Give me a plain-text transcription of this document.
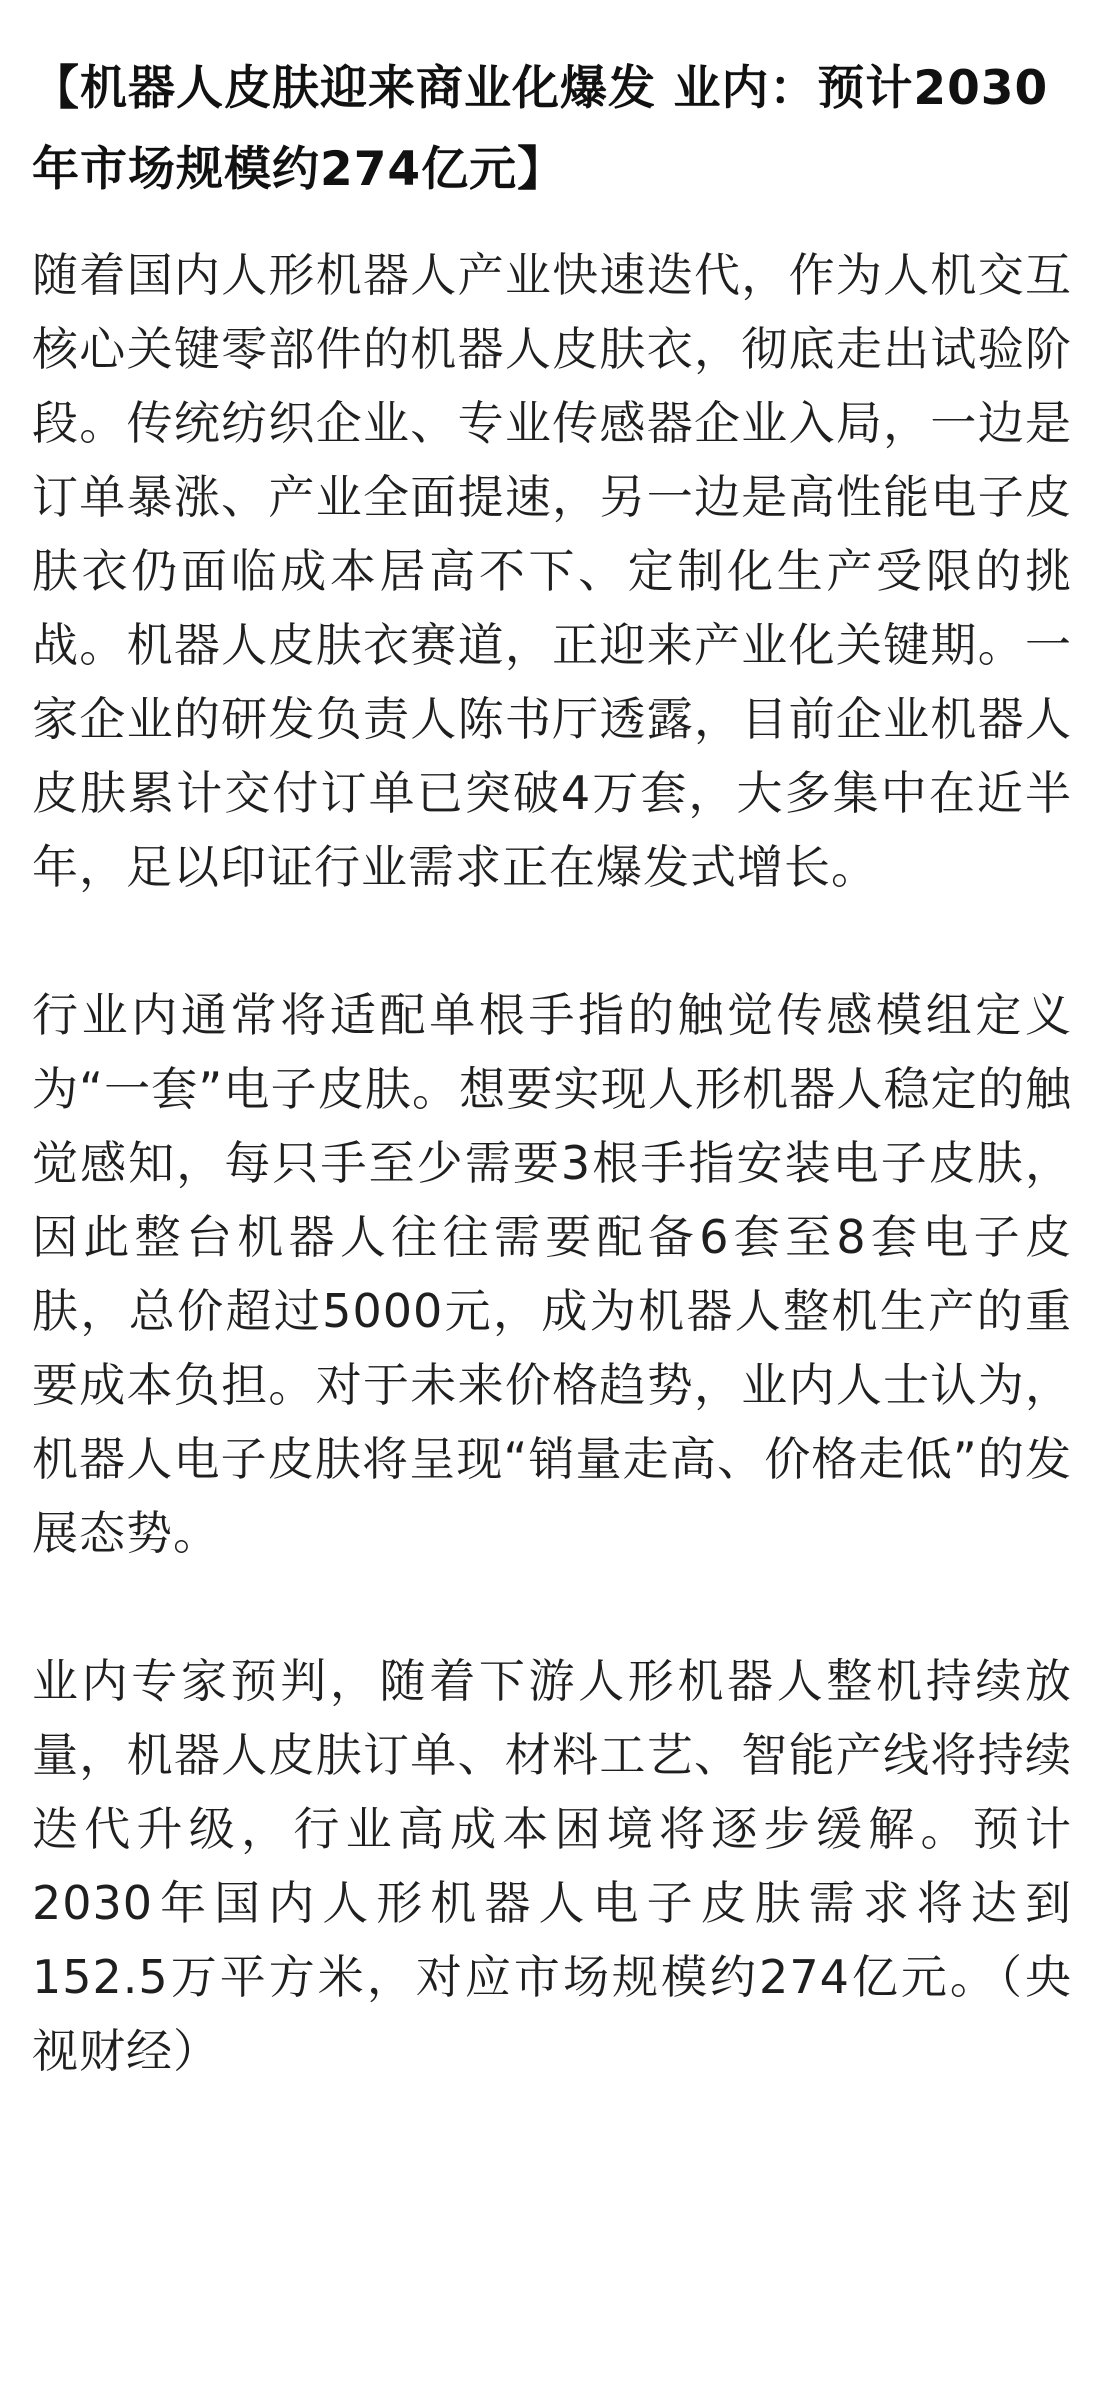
【机器人皮肤迎来商业化爆发 业内：预计2030年市场规模约274亿元】
随着国内人形机器人产业快速迭代，作为人机交互核心关键零部件的机器人皮肤衣，彻底走出试验阶段。传统纺织企业、专业传感器企业入局，一边是订单暴涨、产业全面提速，另一边是高性能电子皮肤衣仍面临成本居高不下、定制化生产受限的挑战。机器人皮肤衣赛道，正迎来产业化关键期。一家企业的研发负责人陈书厅透露，目前企业机器人皮肤累计交付订单已突破4万套，大多集中在近半年，足以印证行业需求正在爆发式增长。
行业内通常将适配单根手指的触觉传感模组定义为“一套”电子皮肤。想要实现人形机器人稳定的触觉感知，每只手至少需要3根手指安装电子皮肤，因此整台机器人往往需要配备6套至8套电子皮肤，总价超过5000元，成为机器人整机生产的重要成本负担。对于未来价格趋势，业内人士认为，机器人电子皮肤将呈现“销量走高、价格走低”的发展态势。
业内专家预判，随着下游人形机器人整机持续放量，机器人皮肤订单、材料工艺、智能产线将持续迭代升级，行业高成本困境将逐步缓解。预计2030年国内人形机器人电子皮肤需求将达到152.5万平方米，对应市场规模约274亿元。（央视财经）
